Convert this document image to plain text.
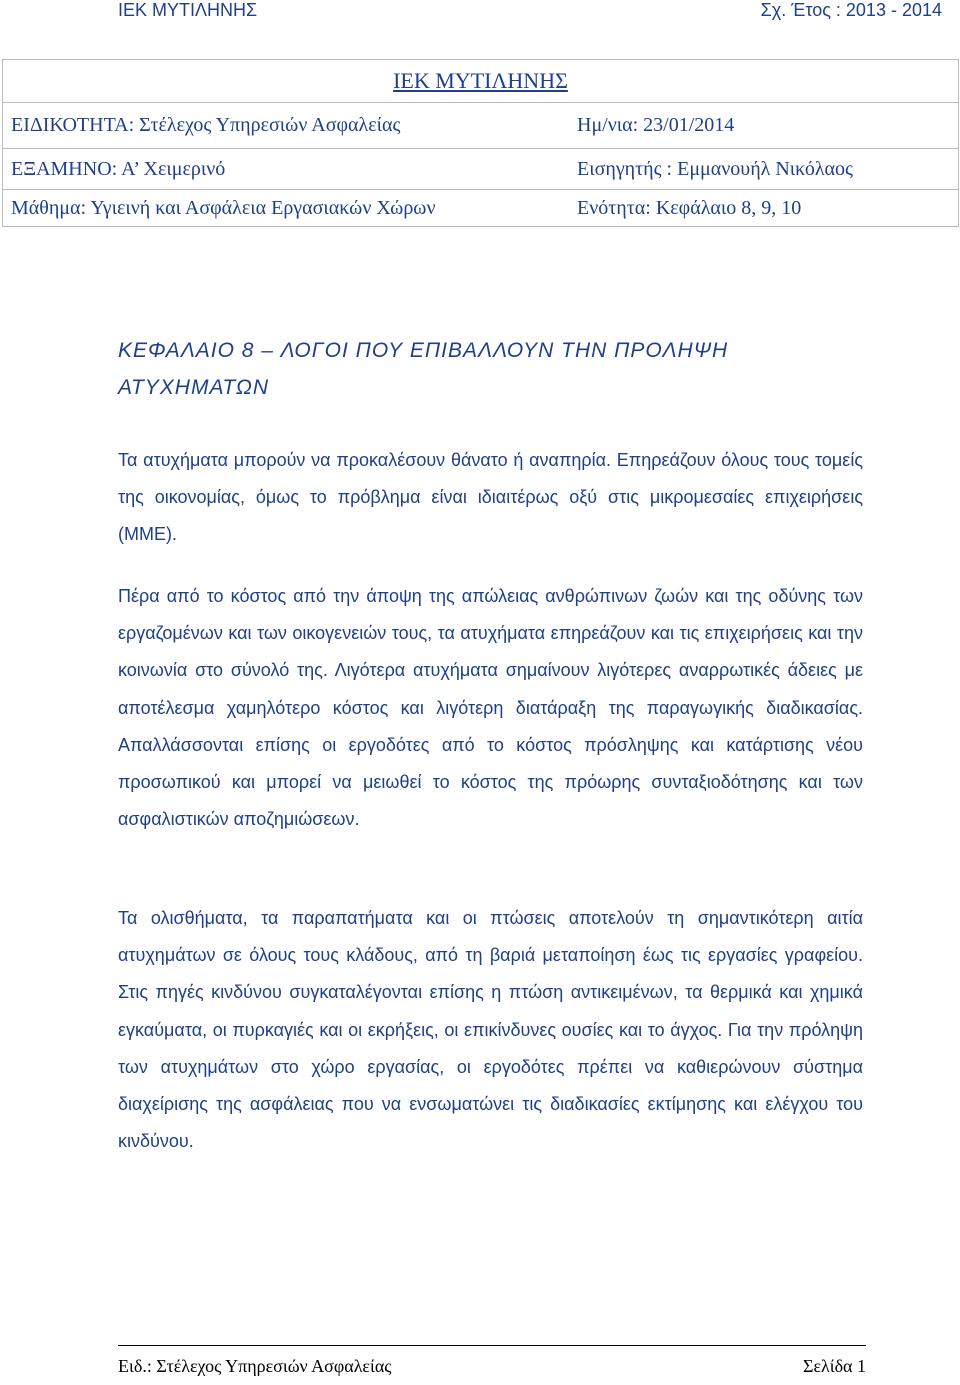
ΙΕΚ ΜΥΤΙΛΗΝΗΣ	Σχ. Έτος : 2013 - 2014
ΙΕΚ ΜΥΤΙΛΗΝΗΣ	
ΕΙΔΙΚΟΤΗΤΑ: Στέλεχος Υπηρεσιών Ασφαλείας	Ημ/νια: 23/01/2014
ΕΞΑΜΗΝΟ: Α’ Χειμερινό	Εισηγητής : Εμμανουήλ Νικόλαος
Μάθημα: Υγιεινή και Ασφάλεια Εργασιακών Χώρων	Ενότητα: Κεφάλαιο 8, 9, 10
ΚΕΦΑΛΑΙΟ 8 – ΛΟΓΟΙ ΠΟΥ ΕΠΙΒΑΛΛΟΥΝ ΤΗΝ ΠΡΟΛΗΨΗ
ΑΤΥΧΗΜΑΤΩΝ

Τα ατυχήματα μπορούν να προκαλέσουν θάνατο ή αναπηρία. Επηρεάζουν όλους τους τομείς της οικονομίας, όμως το πρόβλημα είναι ιδιαιτέρως οξύ στις μικρομεσαίες επιχειρήσεις (ΜΜΕ).

Πέρα από το κόστος από την άποψη της απώλειας ανθρώπινων ζωών και της οδύνης των εργαζομένων και των οικογενειών τους, τα ατυχήματα επηρεάζουν και τις επιχειρήσεις και την κοινωνία στο σύνολό της. Λιγότερα ατυχήματα σημαίνουν λιγότερες αναρρωτικές άδειες με αποτέλεσμα χαμηλότερο κόστος και λιγότερη διατάραξη της παραγωγικής διαδικασίας. Απαλλάσσονται επίσης οι εργοδότες από το κόστος πρόσληψης και κατάρτισης νέου προσωπικού και μπορεί να μειωθεί το κόστος της πρόωρης συνταξιοδότησης και των ασφαλιστικών αποζημιώσεων.

Τα ολισθήματα, τα παραπατήματα και οι πτώσεις αποτελούν τη σημαντικότερη αιτία ατυχημάτων σε όλους τους κλάδους, από τη βαριά μεταποίηση έως τις εργασίες γραφείου. Στις πηγές κινδύνου συγκαταλέγονται επίσης η πτώση αντικειμένων, τα θερμικά και χημικά εγκαύματα, οι πυρκαγιές και οι εκρήξεις, οι επικίνδυνες ουσίες και το άγχος. Για την πρόληψη των ατυχημάτων στο χώρο εργασίας, οι εργοδότες πρέπει να καθιερώνουν σύστημα διαχείρισης της ασφάλειας που να ενσωματώνει τις διαδικασίες εκτίμησης και ελέγχου του κινδύνου.

Ειδ.: Στέλεχος Υπηρεσιών Ασφαλείας	Σελίδα 1
